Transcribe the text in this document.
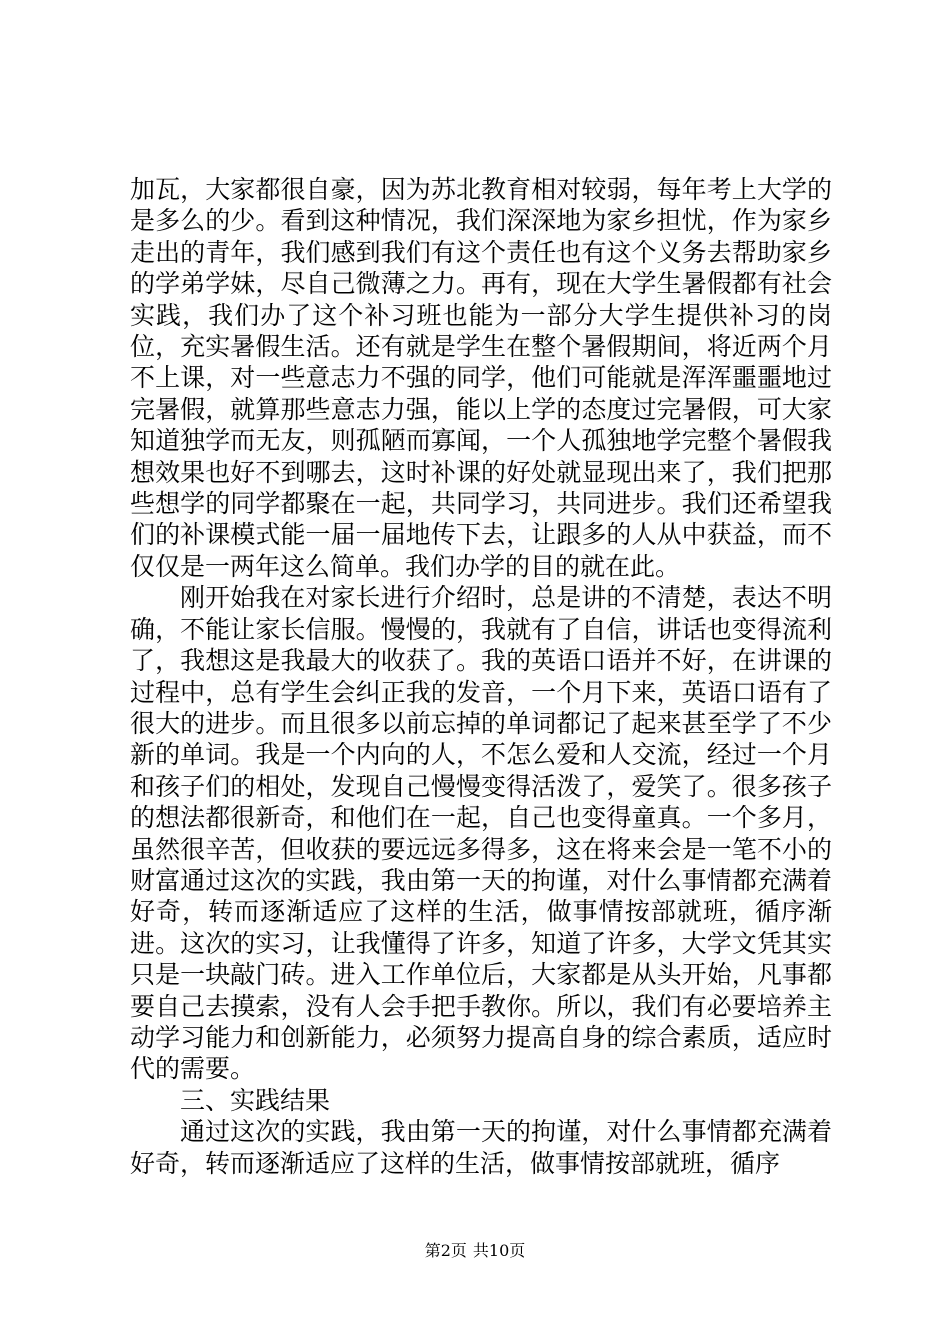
加瓦，大家都很自豪，因为苏北教育相对较弱，每年考上大学的是多么的少。看到这种情况，我们深深地为家乡担忧，作为家乡走出的青年，我们感到我们有这个责任也有这个义务去帮助家乡的学弟学妹，尽自己微薄之力。再有，现在大学生暑假都有社会实践，我们办了这个补习班也能为一部分大学生提供补习的岗位，充实暑假生活。还有就是学生在整个暑假期间，将近两个月不上课，对一些意志力不强的同学，他们可能就是浑浑噩噩地过完暑假，就算那些意志力强，能以上学的态度过完暑假，可大家知道独学而无友，则孤陋而寡闻，一个人孤独地学完整个暑假我想效果也好不到哪去，这时补课的好处就显现出来了，我们把那些想学的同学都聚在一起，共同学习，共同进步。我们还希望我们的补课模式能一届一届地传下去，让跟多的人从中获益，而不仅仅是一两年这么简单。我们办学的目的就在此。

刚开始我在对家长进行介绍时，总是讲的不清楚，表达不明确，不能让家长信服。慢慢的，我就有了自信，讲话也变得流利了，我想这是我最大的收获了。我的英语口语并不好，在讲课的过程中，总有学生会纠正我的发音，一个月下来，英语口语有了很大的进步。而且很多以前忘掉的单词都记了起来甚至学了不少新的单词。我是一个内向的人，不怎么爱和人交流，经过一个月和孩子们的相处，发现自己慢慢变得活泼了，爱笑了。很多孩子的想法都很新奇，和他们在一起，自己也变得童真。一个多月，虽然很辛苦，但收获的要远远多得多，这在将来会是一笔不小的财富通过这次的实践，我由第一天的拘谨，对什么事情都充满着好奇，转而逐渐适应了这样的生活，做事情按部就班，循序渐进。这次的实习，让我懂得了许多，知道了许多，大学文凭其实只是一块敲门砖。进入工作单位后，大家都是从头开始，凡事都要自己去摸索，没有人会手把手教你。所以，我们有必要培养主动学习能力和创新能力，必须努力提高自身的综合素质，适应时代的需要。

三、实践结果

通过这次的实践，我由第一天的拘谨，对什么事情都充满着好奇，转而逐渐适应了这样的生活，做事情按部就班，循序

第2页 共10页
